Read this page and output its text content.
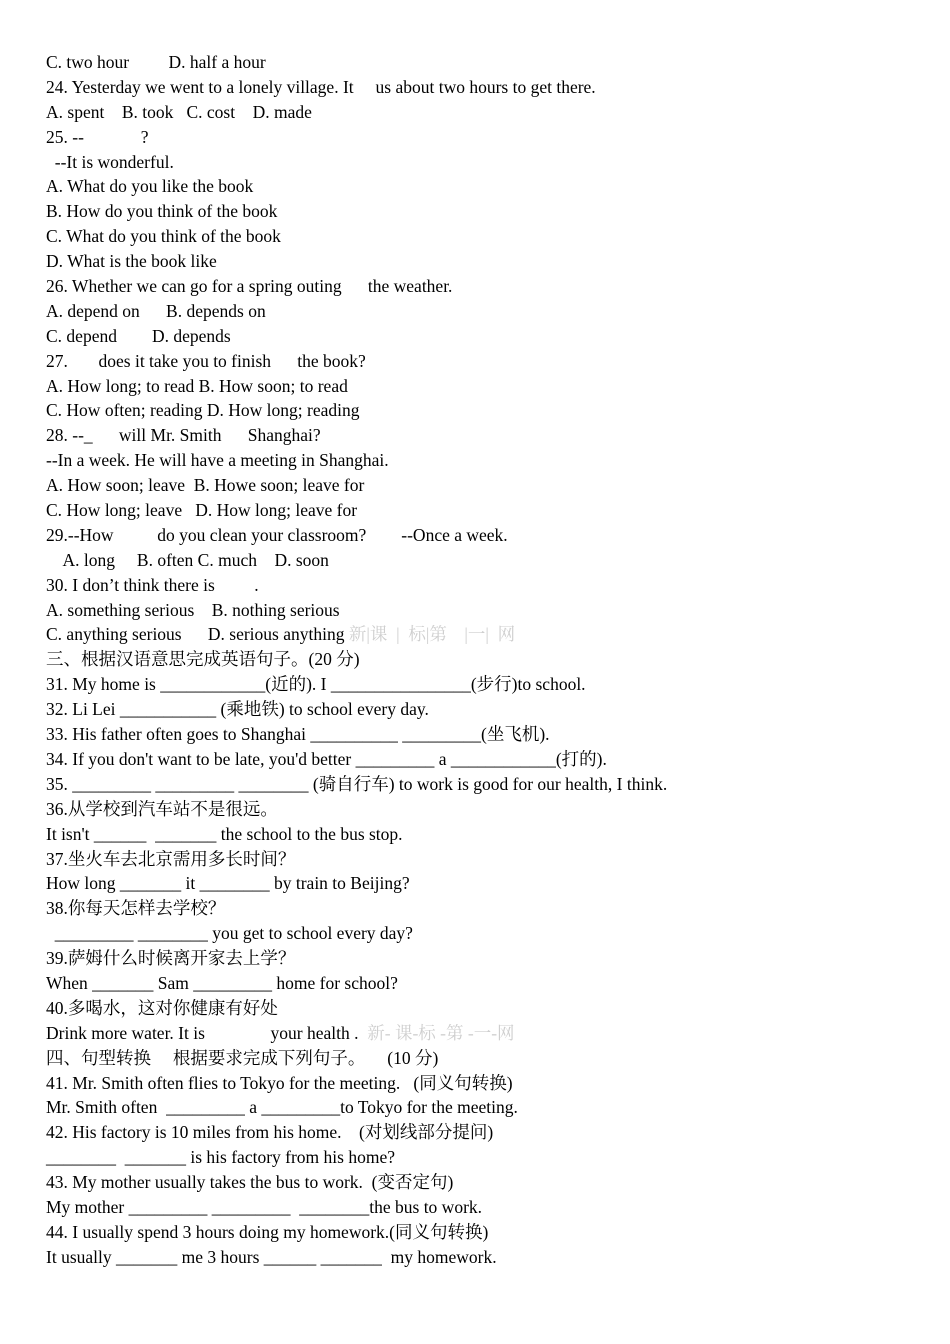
C. two hour         D. half a hour
24. Yesterday we went to a lonely village. It     us about two hours to get there.
A. spent    B. took   C. cost    D. made
25. --             ?
--It is wonderful.
A. What do you like the book
B. How do you think of the book
C. What do you think of the book
D. What is the book like
26. Whether we can go for a spring outing      the weather.
A. depend on      B. depends on
C. depend        D. depends
27.       does it take you to finish      the book?
A. How long; to read B. How soon; to read
C. How often; reading D. How long; reading
28. --_      will Mr. Smith      Shanghai?
--In a week. He will have a meeting in Shanghai.
A. How soon; leave  B. Howe soon; leave for
C. How long; leave   D. How long; leave for
29.--How          do you clean your classroom?        --Once a week.
A. long     B. often C. much    D. soon
30. I don’t think there is         .
A. something serious    B. nothing serious
C. anything serious      D. serious anything 新|课  |  标|第    |一|  网
三、根据汉语意思完成英语句子。(20 分)
31. My home is ____________(近的). I ________________(步行)to school.
32. Li Lei ___________ (乘地铁) to school every day.
33. His father often goes to Shanghai __________ _________(坐飞机).
34. If you don't want to be late, you'd better _________ a ____________(打的).
35. _________ _________ ________ (骑自行车) to work is good for our health, I think.
36.从学校到汽车站不是很远。
It isn't ______  _______ the school to the bus stop.
37.坐火车去北京需用多长时间？
How long _______ it ________ by train to Beijing?
38.你每天怎样去学校？
_________ ________ you get to school every day?
39.萨姆什么时候离开家去上学？
When _______ Sam _________ home for school?
40.多喝水，这对你健康有好处
Drink more water. It is               your health .  新- 课-标 -第 -一-网
四、句型转换     根据要求完成下列句子。     (10 分)
41. Mr. Smith often flies to Tokyo for the meeting.   (同义句转换)
Mr. Smith often  _________ a _________to Tokyo for the meeting.
42. His factory is 10 miles from his home.    (对划线部分提问)
________  _______ is his factory from his home?
43. My mother usually takes the bus to work.  (变否定句)
My mother _________ _________  ________the bus to work.
44. I usually spend 3 hours doing my homework.(同义句转换)
It usually _______ me 3 hours ______ _______  my homework.
